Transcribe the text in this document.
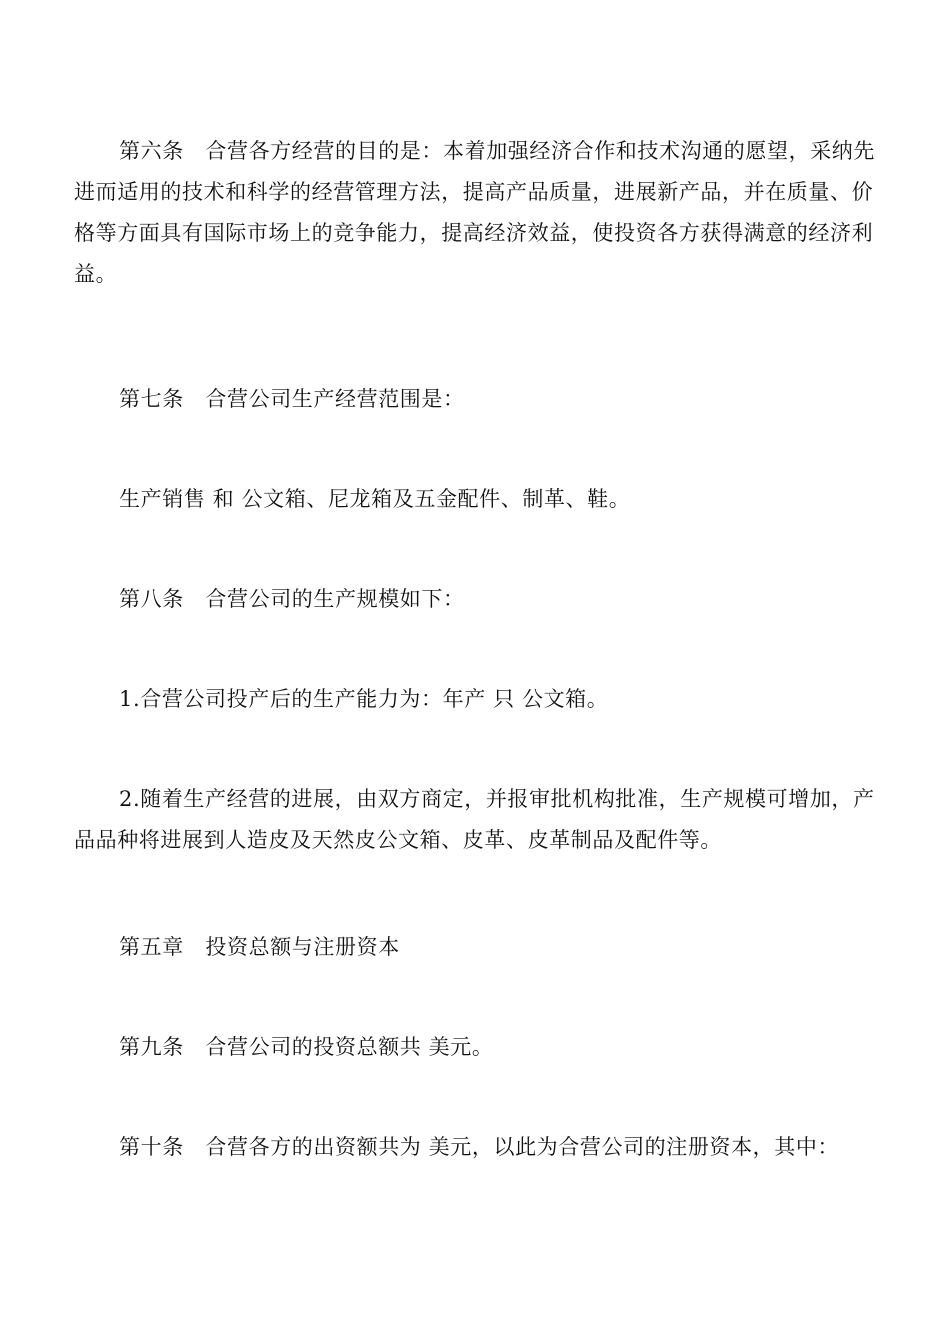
第六条　合营各方经营的目的是：本着加强经济合作和技术沟通的愿望，采纳先进而适用的技术和科学的经营管理方法，提高产品质量，进展新产品，并在质量、价格等方面具有国际市场上的竞争能力，提高经济效益，使投资各方获得满意的经济利益。

第七条　合营公司生产经营范围是：

生产销售 和 公文箱、尼龙箱及五金配件、制革、鞋。

第八条　合营公司的生产规模如下：

1.合营公司投产后的生产能力为：年产 只 公文箱。

2.随着生产经营的进展，由双方商定，并报审批机构批准，生产规模可增加，产品品种将进展到人造皮及天然皮公文箱、皮革、皮革制品及配件等。

第五章　投资总额与注册资本

第九条　合营公司的投资总额共 美元。

第十条　合营各方的出资额共为 美元，以此为合营公司的注册资本，其中：
